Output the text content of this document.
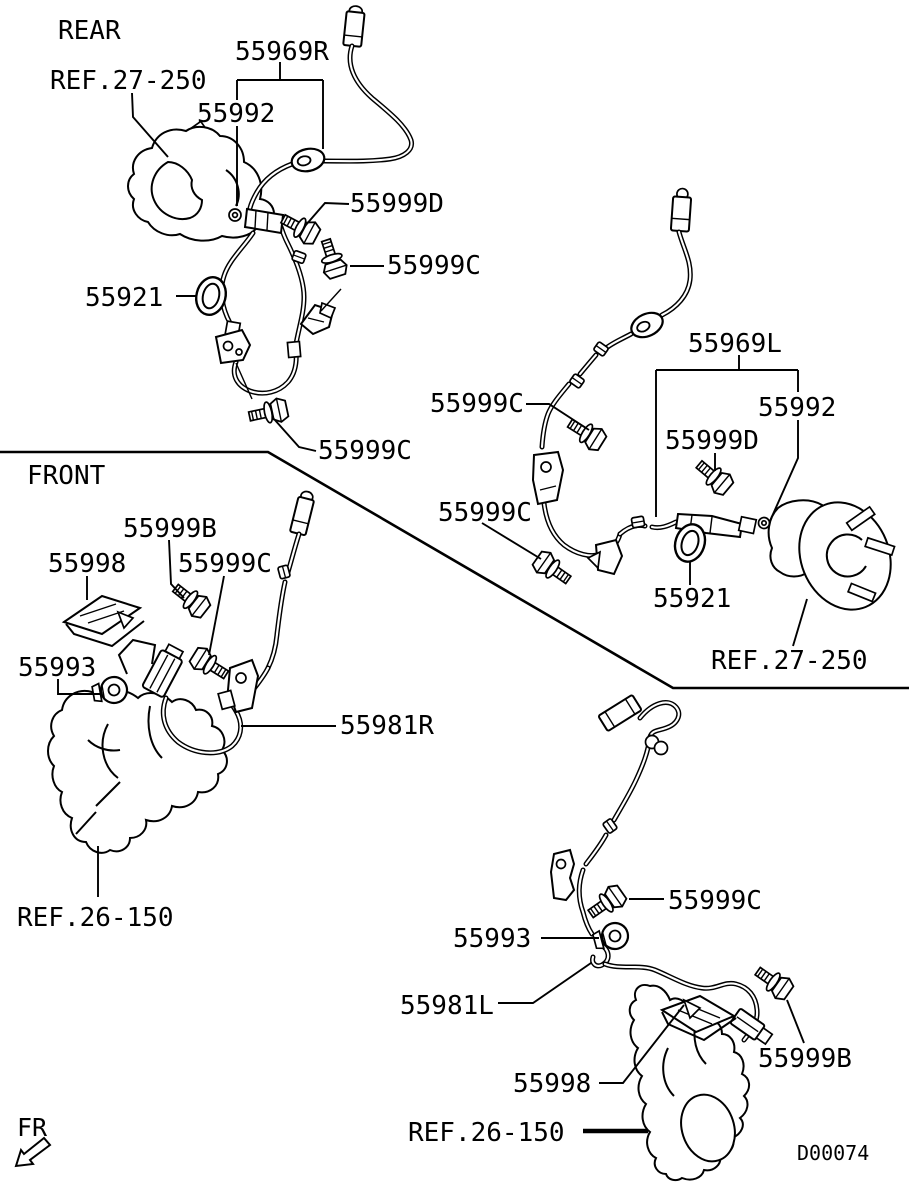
REAR
55969R
REF.27-250
55992
55999D
55999C
55921
55999C
55969L
55992
55999D
55999C
55999C
55921
REF.27-250
FRONT
55999B
55998 55999C
55993
55981R
REF.26-150
55999C
55993
55981L
55998
55999B
REF.26-150
FR
D00074
